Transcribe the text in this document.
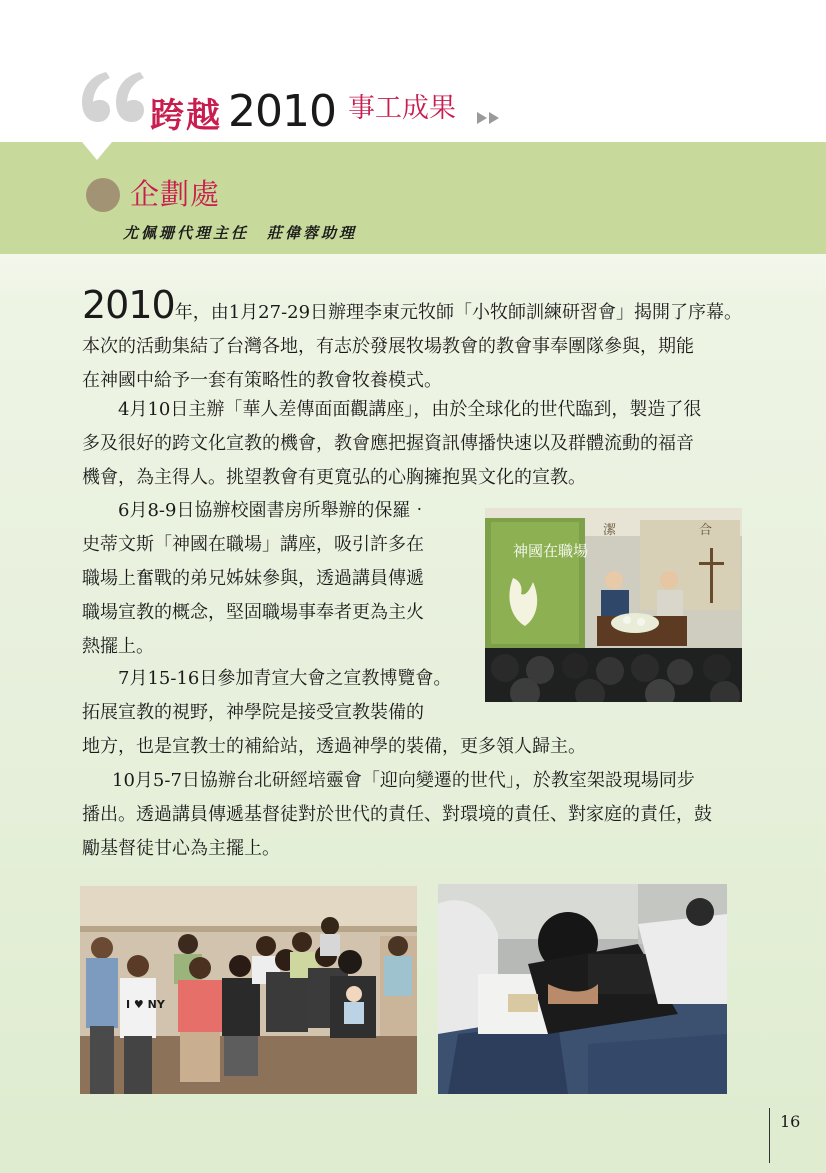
跨越 2010 事工成果
企劃處
尤佩珊代理主任　莊偉蓉助理
2010年，由1月27-29日辦理李東元牧師「小牧師訓練研習會」揭開了序幕。
本次的活動集結了台灣各地，有志於發展牧場教會的教會事奉團隊參與，期能
在神國中給予一套有策略性的教會牧養模式。
4月10日主辦「華人差傳面面觀講座」，由於全球化的世代臨到，製造了很
多及很好的跨文化宣教的機會，教會應把握資訊傳播快速以及群體流動的福音
機會，為主得人。挑望教會有更寬弘的心胸擁抱異文化的宣教。
6月8-9日協辦校園書房所舉辦的保羅‧
史蒂文斯「神國在職場」講座，吸引許多在
職場上奮戰的弟兄姊妹參與，透過講員傳遞
職場宣教的概念，堅固職場事奉者更為主火
熱擺上。
7月15-16日參加青宣大會之宣教博覽會。
拓展宣教的視野，神學院是接受宣教裝備的
地方，也是宣教士的補給站，透過神學的裝備，更多領人歸主。
10月5-7日協辦台北研經培靈會「迎向變遷的世代」，於教室架設現場同步
播出。透過講員傳遞基督徒對於世代的責任、對環境的責任、對家庭的責任，鼓
勵基督徒甘心為主擺上。
神國在職場
潔	合
I ♥ NY
16
